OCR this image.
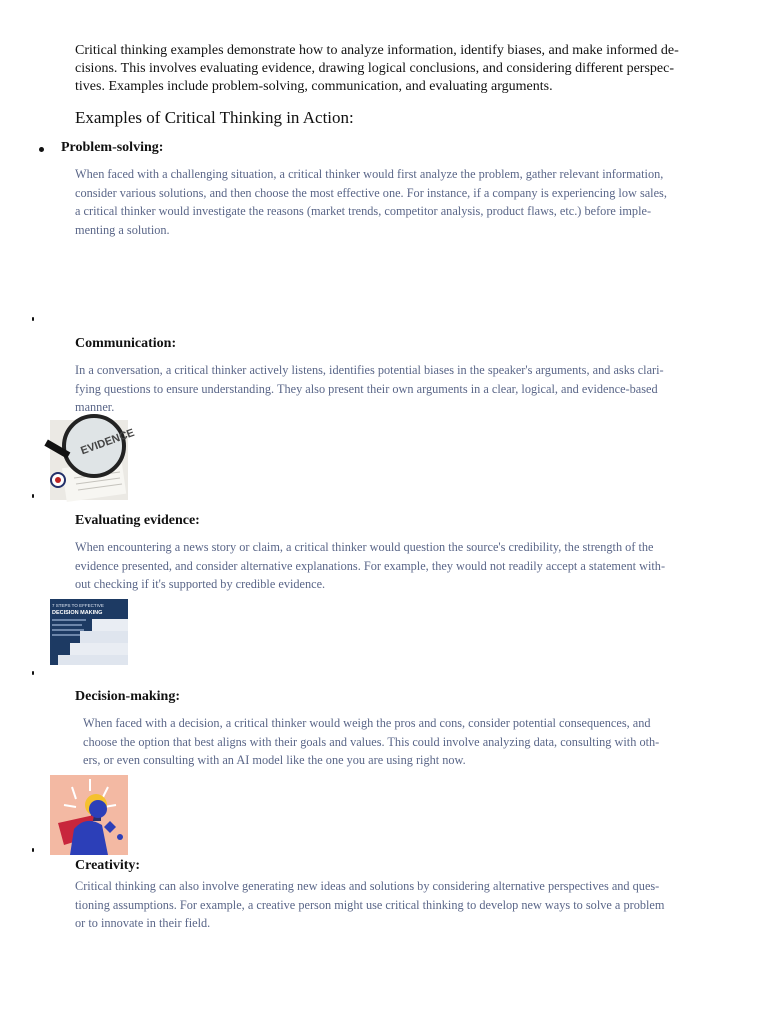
Critical thinking examples demonstrate how to analyze information, identify biases, and make informed de-
cisions. This involves evaluating evidence, drawing logical conclusions, and considering different perspec-
tives. Examples include problem-solving, communication, and evaluating arguments.
Examples of Critical Thinking in Action:
Problem-solving:
When faced with a challenging situation, a critical thinker would first analyze the problem, gather relevant information,
consider various solutions, and then choose the most effective one. For instance, if a company is experiencing low sales,
a critical thinker would investigate the reasons (market trends, competitor analysis, product flaws, etc.) before imple-
menting a solution.
Communication:
In a conversation, a critical thinker actively listens, identifies potential biases in the speaker's arguments, and asks clari-
fying questions to ensure understanding. They also present their own arguments in a clear, logical, and evidence-based
manner.
EVIDENCE
Evaluating evidence:
When encountering a news story or claim, a critical thinker would question the source's credibility, the strength of the
evidence presented, and consider alternative explanations. For example, they would not readily accept a statement with-
out checking if it's supported by credible evidence.
7 STEPS TO EFFECTIVE
DECISION MAKING
Decision-making:
When faced with a decision, a critical thinker would weigh the pros and cons, consider potential consequences, and
choose the option that best aligns with their goals and values. This could involve analyzing data, consulting with oth-
ers, or even consulting with an AI model like the one you are using right now.
Creativity:
Critical thinking can also involve generating new ideas and solutions by considering alternative perspectives and ques-
tioning assumptions. For example, a creative person might use critical thinking to develop new ways to solve a problem
or to innovate in their field.
